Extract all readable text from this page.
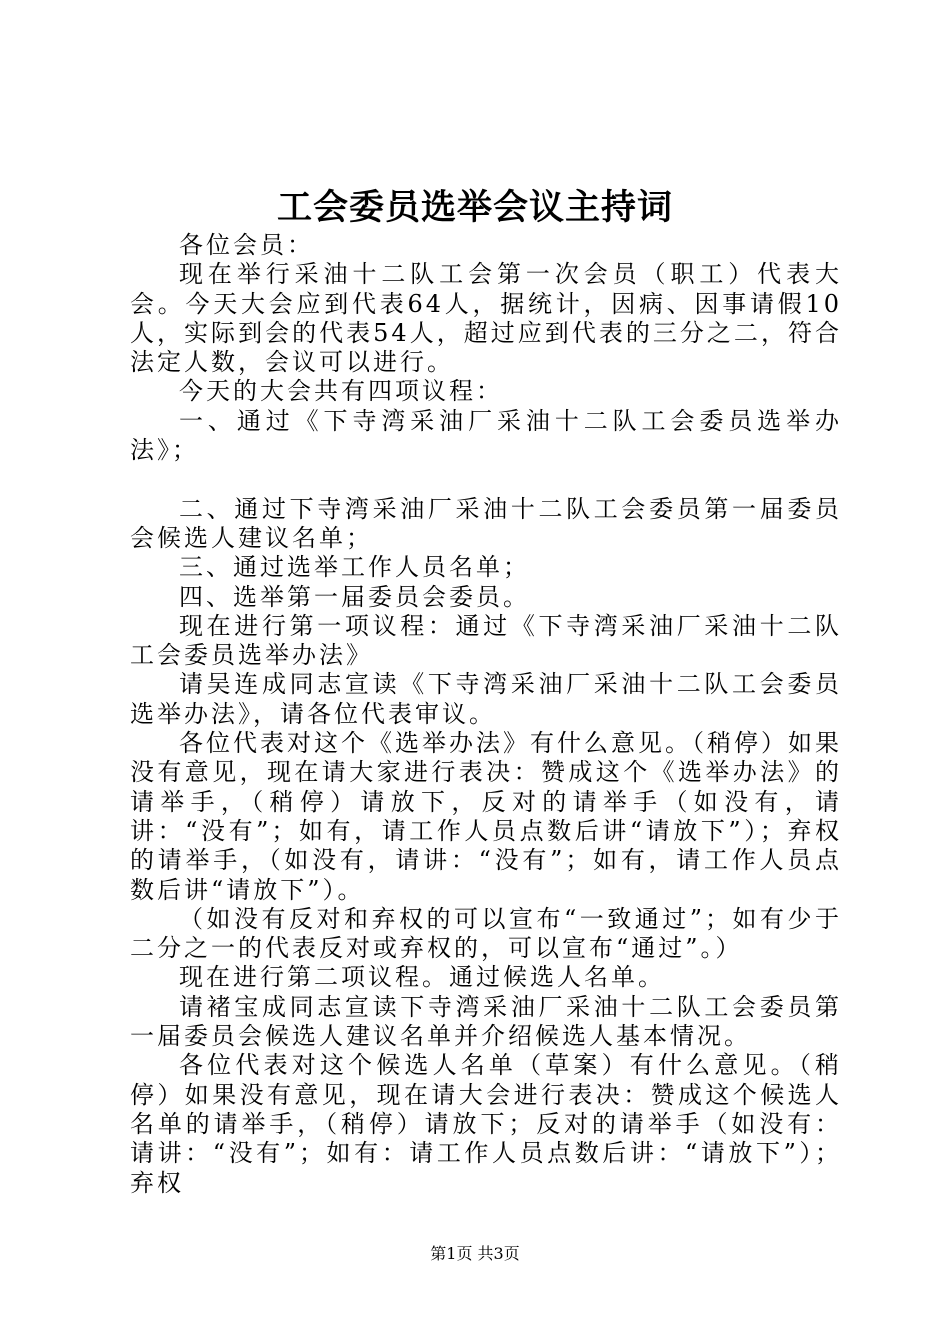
工会委员选举会议主持词

各位会员：

现在举行采油十二队工会第一次会员（职工）代表大会。今天大会应到代表64人，据统计，因病、因事请假10人，实际到会的代表54人，超过应到代表的三分之二，符合法定人数，会议可以进行。

今天的大会共有四项议程：

一、通过《下寺湾采油厂采油十二队工会委员选举办法》；

二、通过下寺湾采油厂采油十二队工会委员第一届委员会候选人建议名单；

三、通过选举工作人员名单；

四、选举第一届委员会委员。

现在进行第一项议程：通过《下寺湾采油厂采油十二队工会委员选举办法》

请吴连成同志宣读《下寺湾采油厂采油十二队工会委员选举办法》，请各位代表审议。

各位代表对这个《选举办法》有什么意见。（稍停）如果没有意见，现在请大家进行表决：赞成这个《选举办法》的请举手，（稍停）请放下，反对的请举手（如没有，请讲：“没有”；如有，请工作人员点数后讲“请放下”）；弃权的请举手，（如没有，请讲：“没有”；如有，请工作人员点数后讲“请放下”）。

（如没有反对和弃权的可以宣布“一致通过”；如有少于二分之一的代表反对或弃权的，可以宣布“通过”。）

现在进行第二项议程。通过候选人名单。

请褚宝成同志宣读下寺湾采油厂采油十二队工会委员第一届委员会候选人建议名单并介绍候选人基本情况。

各位代表对这个候选人名单（草案）有什么意见。（稍停）如果没有意见，现在请大会进行表决：赞成这个候选人名单的请举手，（稍停）请放下；反对的请举手（如没有：请讲：“没有”；如有：请工作人员点数后讲：“请放下”）；弃权

第1页 共3页
